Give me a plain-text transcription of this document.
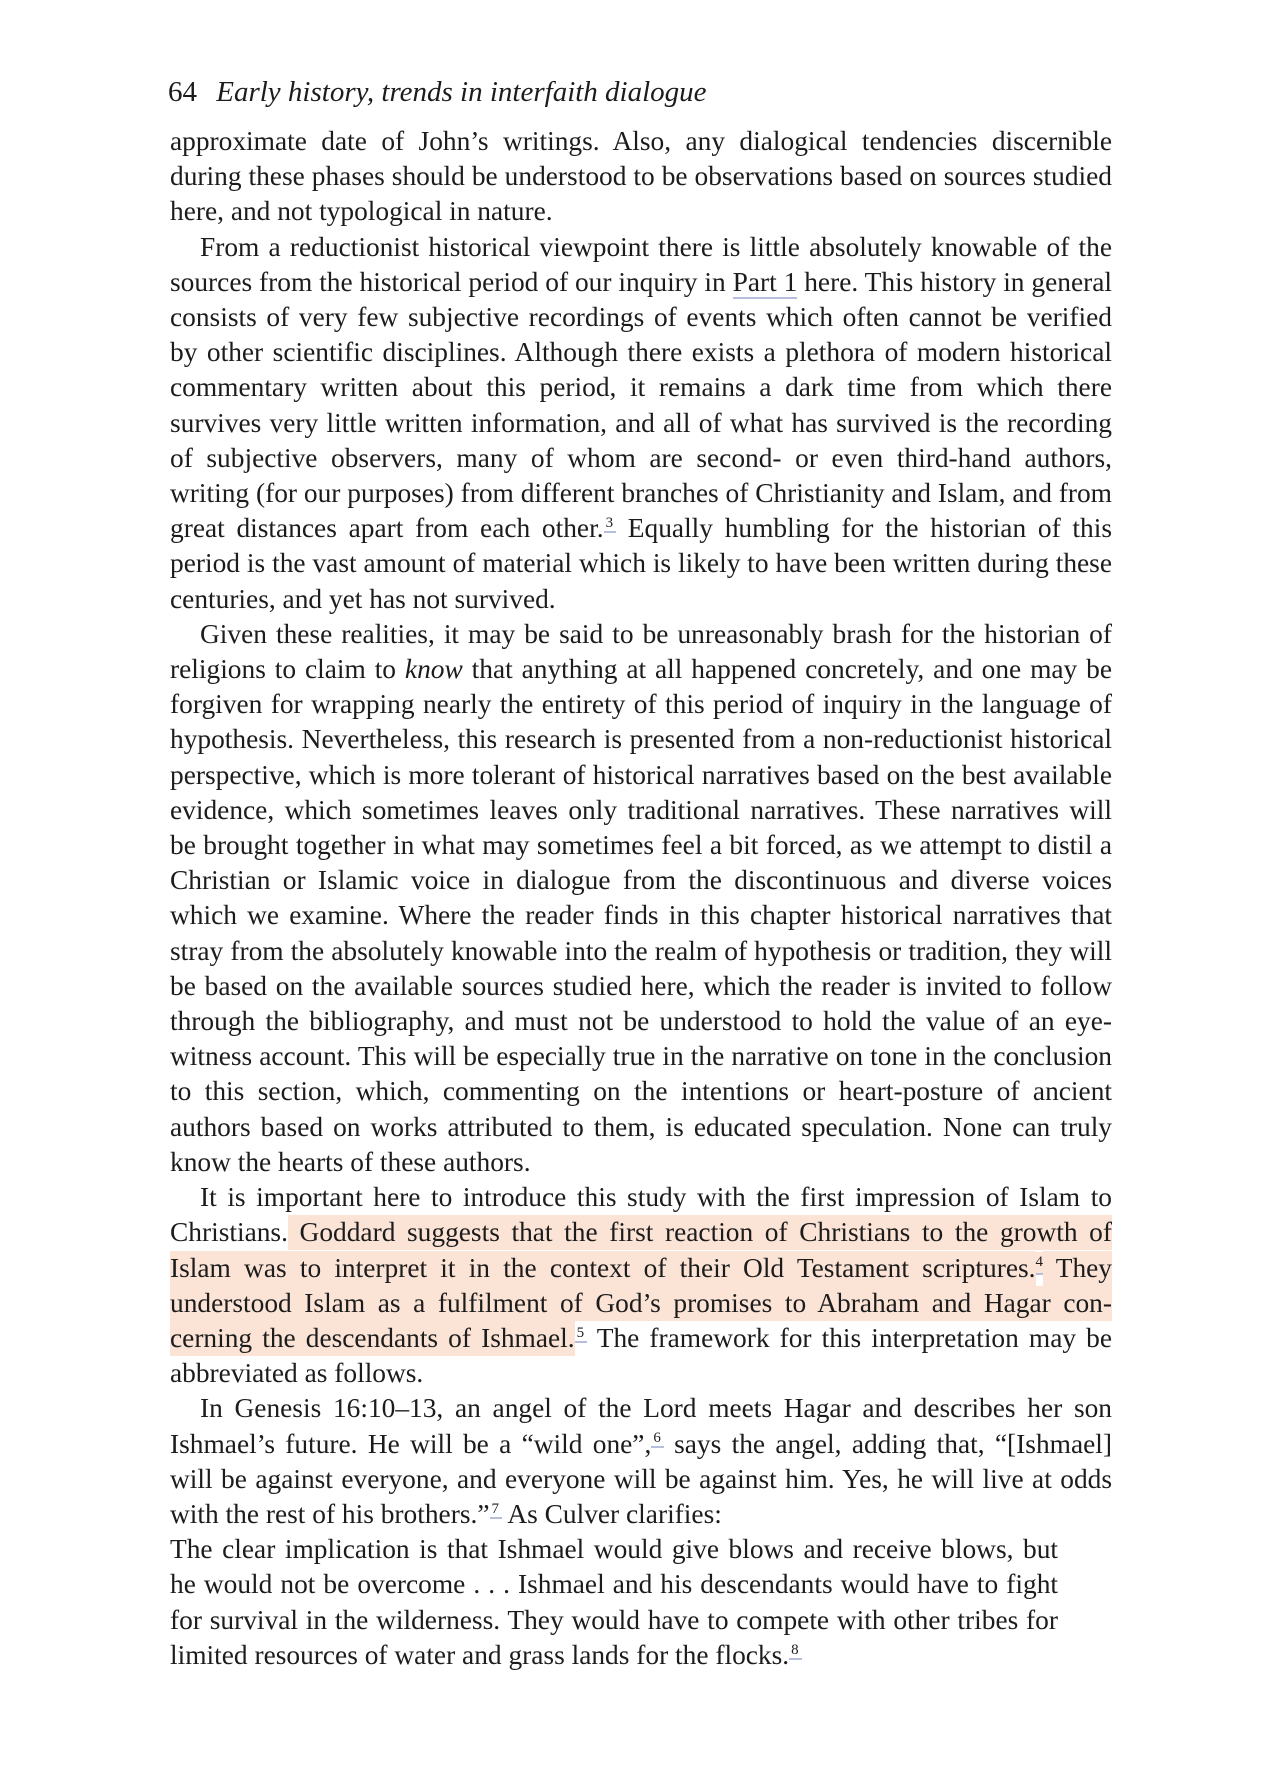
64 Early history, trends in interfaith dialogue

approximate date of John’s writings. Also, any dialogical tendencies discernible during these phases should be understood to be observations based on sources studied here, and not typological in nature.

From a reductionist historical viewpoint there is little absolutely knowable of the sources from the historical period of our inquiry in Part 1 here. This history in general consists of very few subjective recordings of events which often cannot be verified by other scientific disciplines. Although there exists a plethora of modern historical commentary written about this period, it remains a dark time from which there survives very little written information, and all of what has survived is the recording of subjective observers, many of whom are second- or even third-hand authors, writing (for our purposes) from different branches of Christianity and Islam, and from great distances apart from each other. $^3$ Equally humbling for the historian of this period is the vast amount of material which is likely to have been written during these centuries, and yet has not survived.

Given these realities, it may be said to be unreasonably brash for the historian of religions to claim to know that anything at all happened concretely, and one may be forgiven for wrapping nearly the entirety of this period of inquiry in the language of hypothesis. Nevertheless, this research is presented from a non-reductionist historical perspective, which is more tolerant of historical narratives based on the best available evidence, which sometimes leaves only traditional narratives. These narratives will be brought together in what may sometimes feel a bit forced, as we attempt to distil a Christian or Islamic voice in dialogue from the discontinuous and diverse voices which we examine. Where the reader finds in this chapter historical narratives that stray from the absolutely knowable into the realm of hypothesis or tradition, they will be based on the available sources studied here, which the reader is invited to follow through the bibliography, and must not be understood to hold the value of an eye-witness account. This will be especially true in the narrative on tone in the conclusion to this section, which, commenting on the intentions or heart-posture of ancient authors based on works attributed to them, is educated speculation. None can truly know the hearts of these authors.

It is important here to introduce this study with the first impression of Islam to Christians. Goddard suggests that the first reaction of Christians to the growth of Islam was to interpret it in the context of their Old Testament scriptures.$^4$ They understood Islam as a fulfilment of God’s promises to Abraham and Hagar concerning the descendants of Ishmael. $^5$ The framework for this interpretation may be abbreviated as follows.

In Genesis 16:10–13, an angel of the Lord meets Hagar and describes her son Ishmael’s future. He will be a “wild one”, $^6$ says the angel, adding that, “[Ishmael] will be against everyone, and everyone will be against him. Yes, he will live at odds with the rest of his brothers.” $^7$ As Culver clarifies:

The clear implication is that Ishmael would give blows and receive blows, but he would not be overcome . . . Ishmael and his descendants would have to fight for survival in the wilderness. They would have to compete with other tribes for limited resources of water and grass lands for the flocks. $^8$
